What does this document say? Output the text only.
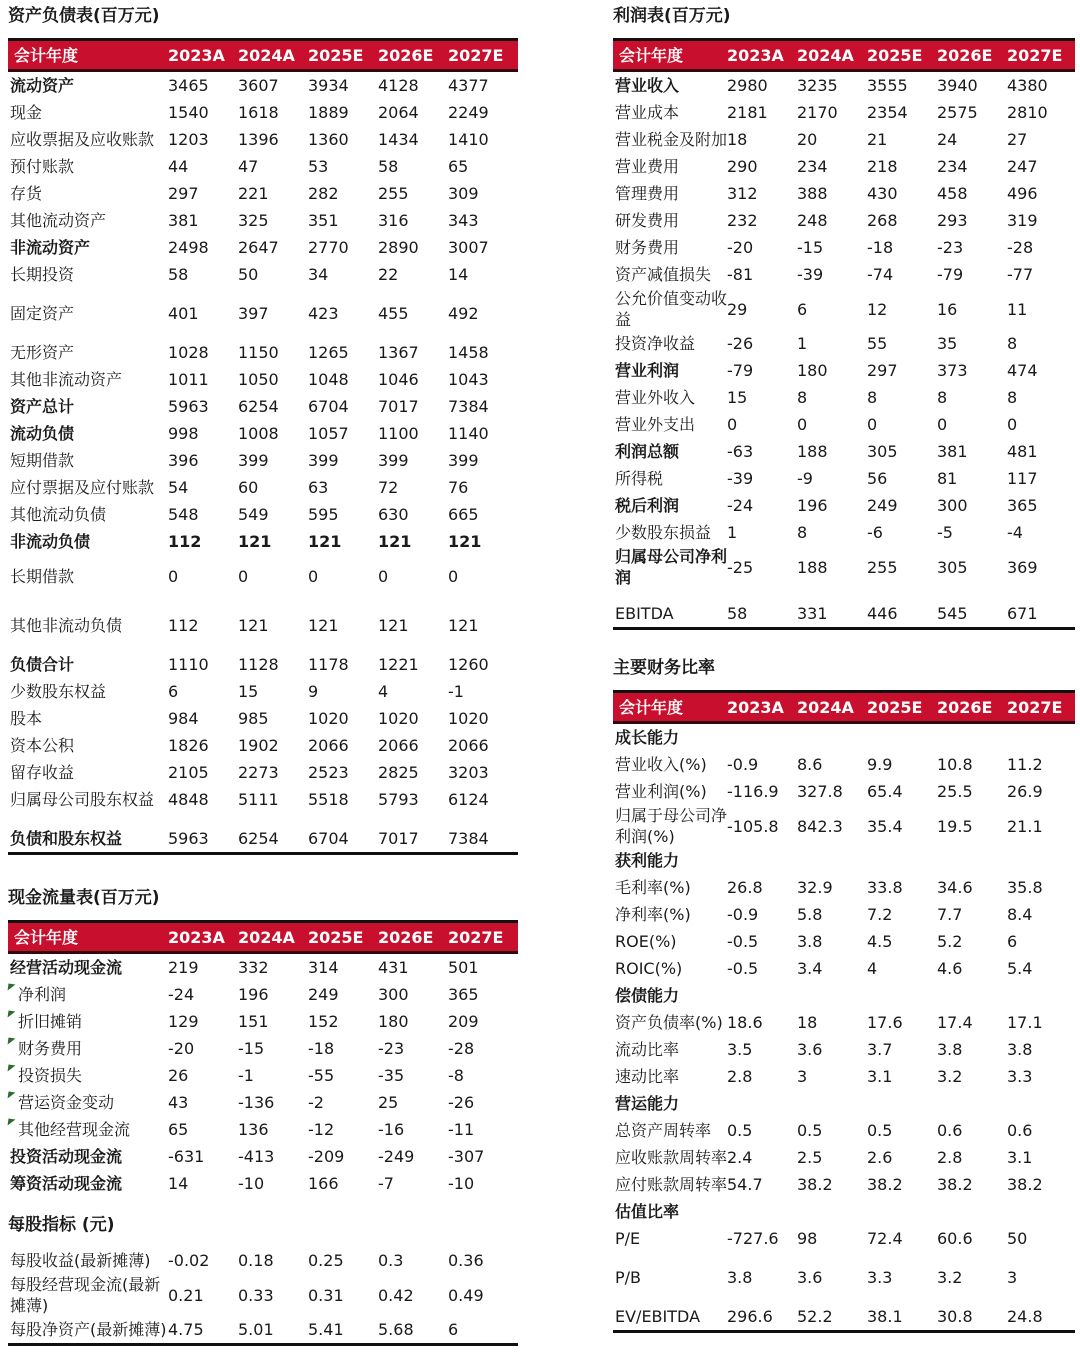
资产负债表(百万元)
会计年度	2023A 2024A 2025E 2026E 2027E
流动资产	3465	3607	3934	4128	4377
现金	1540	1618	1889	2064	2249
应收票据及应收账款 1203	1396	1360	1434	1410
预付账款	44	47	53	58	65
存货	297	221	282	255	309
其他流动资产	381	325	351	316	343
非流动资产	2498	2647	2770	2890	3007
长期投资	58	50	34	22	14
固定资产	401	397	423	455	492
无形资产	1028	1150	1265	1367	1458
其他非流动资产	1011	1050	1048	1046	1043
资产总计	5963	6254	6704	7017	7384
流动负债	998	1008	1057	1100	1140
短期借款	396	399	399	399	399
应付票据及应付账款 54	60	63	72	76
其他流动负债	548	549	595	630	665
非流动负债	112	121	121	121	121
长期借款	0	0	0	0	0
其他非流动负债	112	121	121	121	121
负债合计	1110	1128	1178	1221	1260
少数股东权益	6	15	9	4	-1
股本	984	985	1020	1020	1020
资本公积	1826	1902	2066	2066	2066
留存收益	2105	2273	2523	2825	3203
归属母公司股东权益 4848	5111	5518	5793	6124
负债和股东权益	5963	6254	6704	7017	7384
现金流量表(百万元)
会计年度	2023A 2024A 2025E 2026E 2027E
经营活动现金流	219	332	314	431	501
净利润	-24	196	249	300	365
折旧摊销	129	151	152	180	209
财务费用	-20	-15	-18	-23	-28
投资损失	26	-1	-55	-35	-8
营运资金变动	43	-136	-2	25	-26
其他经营现金流	65	136	-12	-16	-11
投资活动现金流	-631	-413	-209	-249	-307
筹资活动现金流	14	-10	166	-7	-10
每股指标 (元)
每股收益(最新摊薄)	-0.02	0.18	0.25	0.3	0.36
每股经营现金流(最新摊薄)
0.21	0.33	0.31	0.42	0.49
每股净资产(最新摊薄) 4.75	5.01	5.41	5.68	6
利润表(百万元)
会计年度	2023A 2024A 2025E 2026E 2027E
营业收入	2980	3235	3555	3940	4380
营业成本	2181	2170	2354	2575	2810
营业税金及附加 18	20	21	24	27
营业费用	290	234	218	234	247
管理费用	312	388	430	458	496
研发费用	232	248	268	293	319
财务费用	-20	-15	-18	-23	-28
资产减值损失 -81	-39	-74	-79	-77
公允价值变动收益
29	6	12	16	11
投资净收益	-26	1	55	35	8
营业利润	-79	180	297	373	474
营业外收入	15	8	8	8	8
营业外支出	0	0	0	0	0
利润总额	-63	188	305	381	481
所得税	-39	-9	56	81	117
税后利润	-24	196	249	300	365
少数股东损益 1	8	-6	-5	-4
归属母公司净利润
-25	188	255	305	369
EBITDA	58	331	446	545	671
主要财务比率
会计年度	2023A 2024A 2025E 2026E 2027E
成长能力
营业收入(%)	-0.9	8.6	9.9	10.8	11.2
营业利润(%)	-116.9	327.8	65.4	25.5	26.9
归属于母公司净利润(%)
-105.8	842.3	35.4	19.5	21.1
获利能力
毛利率(%)	26.8	32.9	33.8	34.6	35.8
净利率(%)	-0.9	5.8	7.2	7.7	8.4
ROE(%)	-0.5	3.8	4.5	5.2	6
ROIC(%)	-0.5	3.4	4	4.6	5.4
偿债能力
资产负债率(%) 18.6	18	17.6	17.4	17.1
流动比率	3.5	3.6	3.7	3.8	3.8
速动比率	2.8	3	3.1	3.2	3.3
营运能力
总资产周转率 0.5	0.5	0.5	0.6	0.6
应收账款周转率 2.4	2.5	2.6	2.8	3.1
应付账款周转率 54.7	38.2	38.2	38.2	38.2
估值比率
P/E	-727.6	98	72.4	60.6	50
P/B	3.8	3.6	3.3	3.2	3
EV/EBITDA	296.6	52.2	38.1	30.8	24.8
